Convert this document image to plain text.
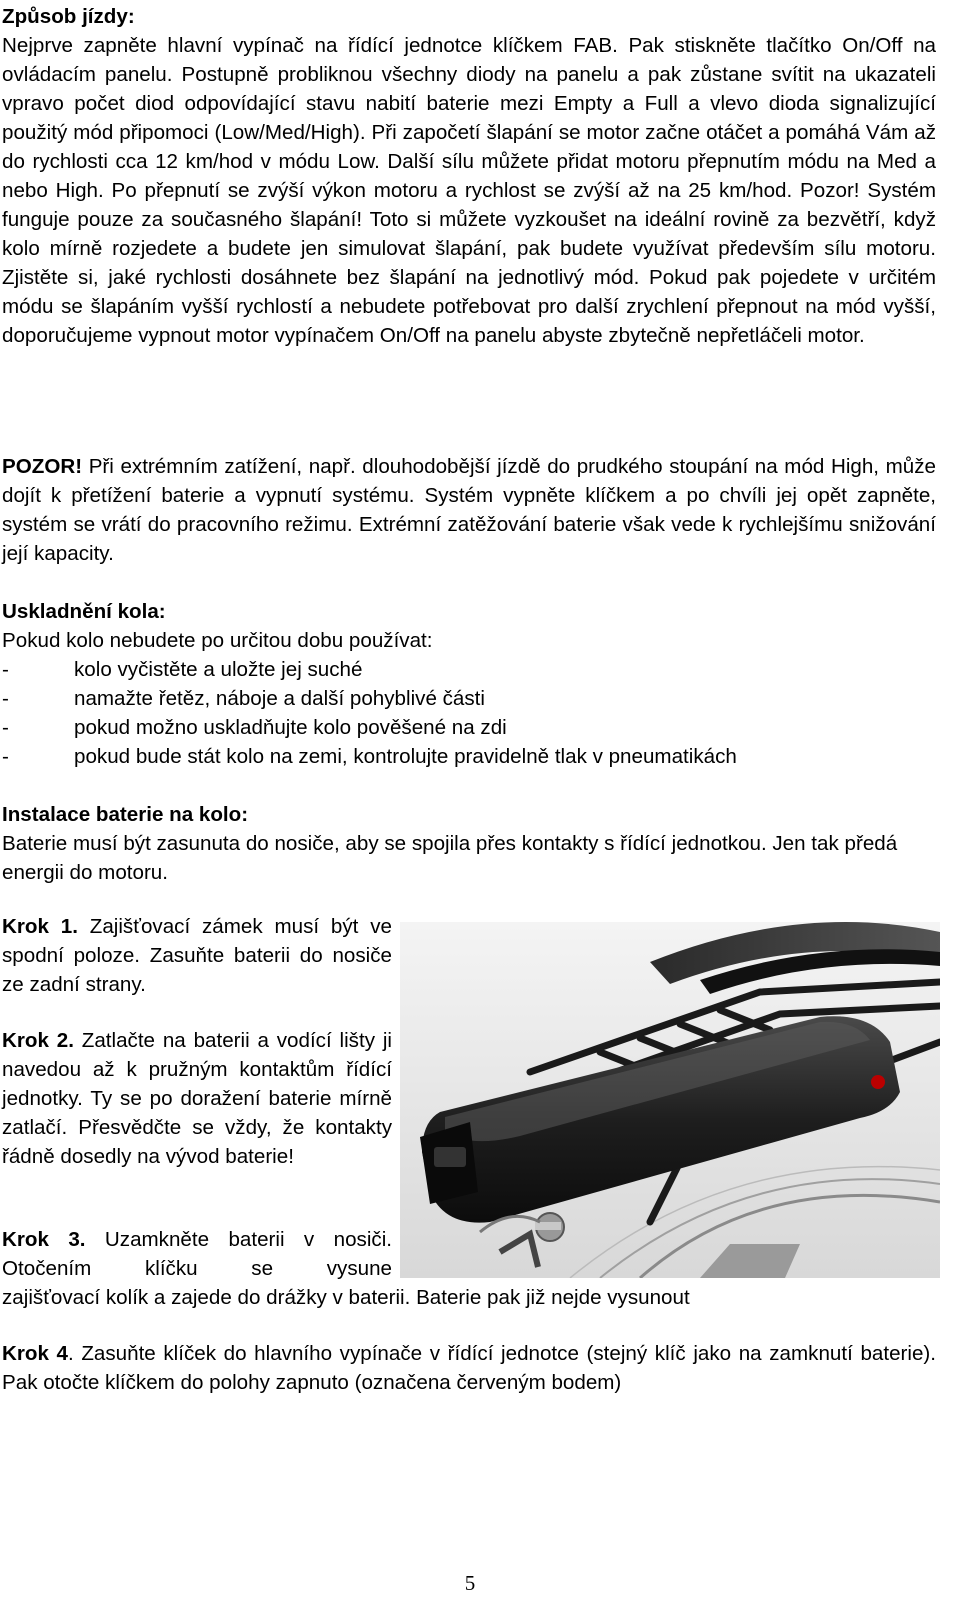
Způsob jízdy:

Nejprve zapněte hlavní vypínač na řídící jednotce klíčkem FAB. Pak stiskněte tlačítko On/Off na ovládacím panelu. Postupně probliknou všechny diody na panelu a pak zůstane svítit na ukazateli vpravo počet diod odpovídající stavu nabití baterie mezi Empty a Full a vlevo dioda signalizující použitý mód připomoci (Low/Med/High). Při započetí šlapání se motor začne otáčet a pomáhá Vám až do rychlosti cca 12 km/hod v módu Low. Další sílu můžete přidat motoru přepnutím módu na Med a nebo High. Po přepnutí se zvýší výkon motoru a rychlost se zvýší až na 25 km/hod. Pozor! Systém funguje pouze za současného šlapání! Toto si můžete vyzkoušet na ideální rovině za bezvětří, když kolo mírně rozjedete a budete jen simulovat šlapání, pak budete využívat především sílu motoru. Zjistěte si, jaké rychlosti dosáhnete bez šlapání na jednotlivý mód. Pokud pak pojedete v určitém módu se šlapáním vyšší rychlostí a nebudete potřebovat pro další zrychlení přepnout na mód vyšší, doporučujeme vypnout motor vypínačem On/Off na panelu abyste zbytečně nepřetláčeli motor.

POZOR! Při extrémním zatížení, např. dlouhodobější jízdě do prudkého stoupání na mód High, může dojít k přetížení baterie a vypnutí systému. Systém vypněte klíčkem a po chvíli jej opět zapněte, systém se vrátí do pracovního režimu. Extrémní zatěžování baterie však vede k rychlejšímu snižování její kapacity.

Uskladnění kola:

Pokud kolo nebudete po určitou dobu používat:

-	kolo vyčistěte a uložte jej suché
-	namažte řetěz, náboje a další pohyblivé části
-	pokud možno uskladňujte kolo pověšené na zdi
-	pokud bude stát kolo na zemi, kontrolujte pravidelně tlak v pneumatikách
Instalace baterie na kolo:

Baterie musí být zasunuta do nosiče, aby se spojila přes kontakty s řídící jednotkou. Jen tak předá energii do motoru.

Krok 1. Zajišťovací zámek musí být ve spodní poloze. Zasuňte baterii do nosiče ze zadní strany.

Krok 2. Zatlačte na baterii a vodící lišty ji navedou až k pružným kontaktům řídící jednotky. Ty se po doražení baterie mírně zatlačí. Přesvědčte se vždy, že kontakty řádně dosedly na vývod baterie!

Krok 3. Uzamkněte baterii v nosiči. Otočením klíčku se vysune

zajišťovací kolík a zajede do drážky v baterii. Baterie pak již nejde vysunout

Krok 4. Zasuňte klíček do hlavního vypínače v řídící jednotce (stejný klíč jako na zamknutí baterie). Pak otočte klíčkem do polohy zapnuto (označena červeným bodem)

5
